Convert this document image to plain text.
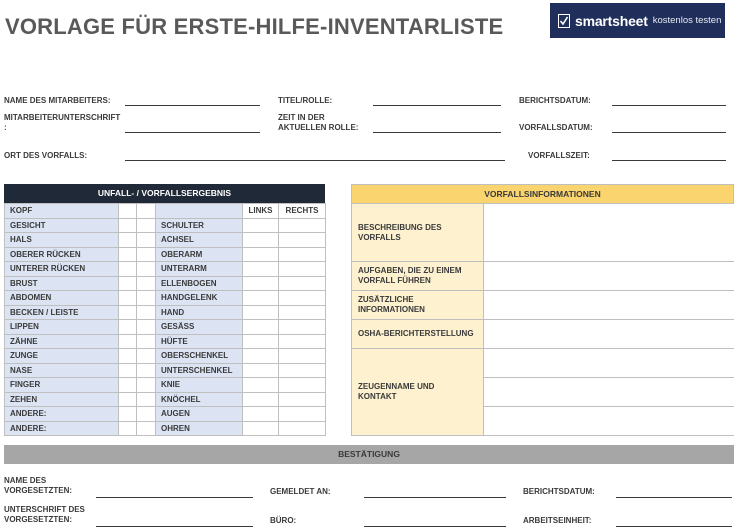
VORLAGE FÜR ERSTE-HILFE-INVENTARLISTE	smartsheet kostenlos testen
NAME DES MITARBEITERS:	TITEL/ROLLE:	BERICHTSDATUM:
MITARBEITERUNTERSCHRIFT
:
ZEIT IN DER
AKTUELLEN ROLLE:	VORFALLSDATUM:
ORT DES VORFALLS:	VORFALLSZEIT:
UNFALL- / VORFALLSERGEBNIS
KOPF				LINKS	RECHTS
GESICHT			SCHULTER		
HALS			ACHSEL		
OBERER RÜCKEN			OBERARM		
UNTERER RÜCKEN			UNTERARM		
BRUST			ELLENBOGEN		
ABDOMEN			HANDGELENK		
BECKEN / LEISTE			HAND		
LIPPEN			GESÄSS		
ZÄHNE			HÜFTE		
ZUNGE			OBERSCHENKEL		
NASE			UNTERSCHENKEL		
FINGER			KNIE		
ZEHEN			KNÖCHEL		
ANDERE:			AUGEN		
ANDERE:			OHREN		
VORFALLSINFORMATIONEN
BESCHREIBUNG DES
VORFALLS	
AUFGABEN, DIE ZU EINEM
VORFALL FÜHREN	
ZUSÄTZLICHE
INFORMATIONEN	
OSHA-BERICHTERSTELLUNG	
ZEUGENNAME UND
KONTAKT	

BESTÄTIGUNG
NAME DES
VORGESETZTEN:	GEMELDET AN:	BERICHTSDATUM:
UNTERSCHRIFT DES
VORGESETZTEN:	BÜRO:	ARBEITSEINHEIT:
